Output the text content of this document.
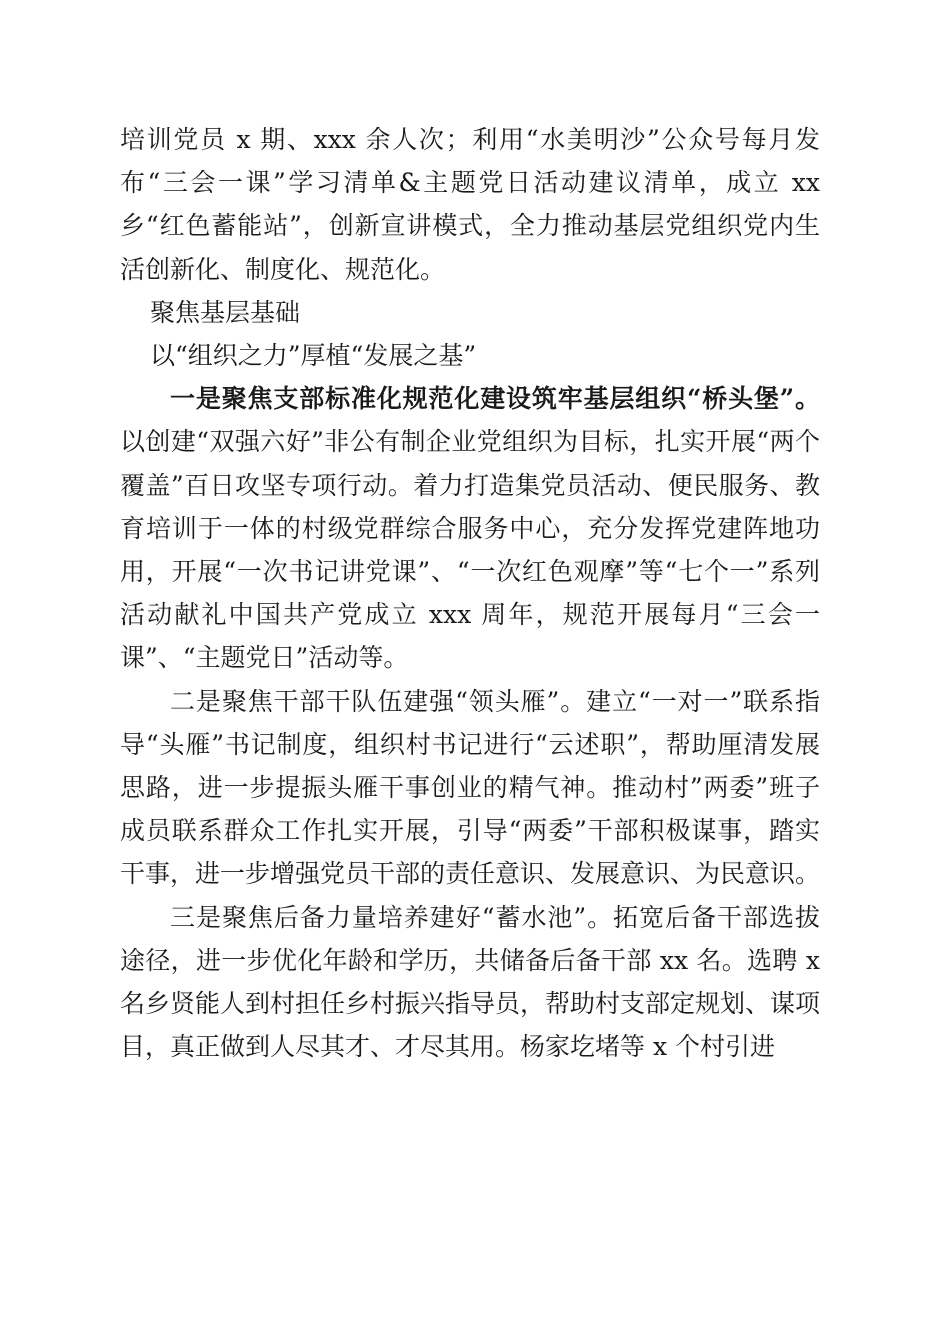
培训党员 x 期、xxx 余人次；利用“水美明沙”公众号每月发布“三会一课”学习清单&主题党日活动建议清单，成立 xx 乡“红色蓄能站”，创新宣讲模式，全力推动基层党组织党内生活创新化、制度化、规范化。

聚焦基层基础

以“组织之力”厚植“发展之基”

一是聚焦支部标准化规范化建设筑牢基层组织“桥头堡”。以创建“双强六好”非公有制企业党组织为目标，扎实开展“两个覆盖”百日攻坚专项行动。着力打造集党员活动、便民服务、教育培训于一体的村级党群综合服务中心，充分发挥党建阵地功用，开展“一次书记讲党课”、“一次红色观摩”等“七个一”系列活动献礼中国共产党成立 xxx 周年，规范开展每月“三会一课”、“主题党日”活动等。

二是聚焦干部干队伍建强“领头雁”。建立“一对一”联系指导“头雁”书记制度，组织村书记进行“云述职”，帮助厘清发展思路，进一步提振头雁干事创业的精气神。推动村”两委”班子成员联系群众工作扎实开展，引导“两委”干部积极谋事，踏实干事，进一步增强党员干部的责任意识、发展意识、为民意识。

三是聚焦后备力量培养建好“蓄水池”。拓宽后备干部选拔途径，进一步优化年龄和学历，共储备后备干部 xx 名。选聘 x 名乡贤能人到村担任乡村振兴指导员，帮助村支部定规划、谋项目，真正做到人尽其才、才尽其用。杨家圪堵等 x 个村引进
